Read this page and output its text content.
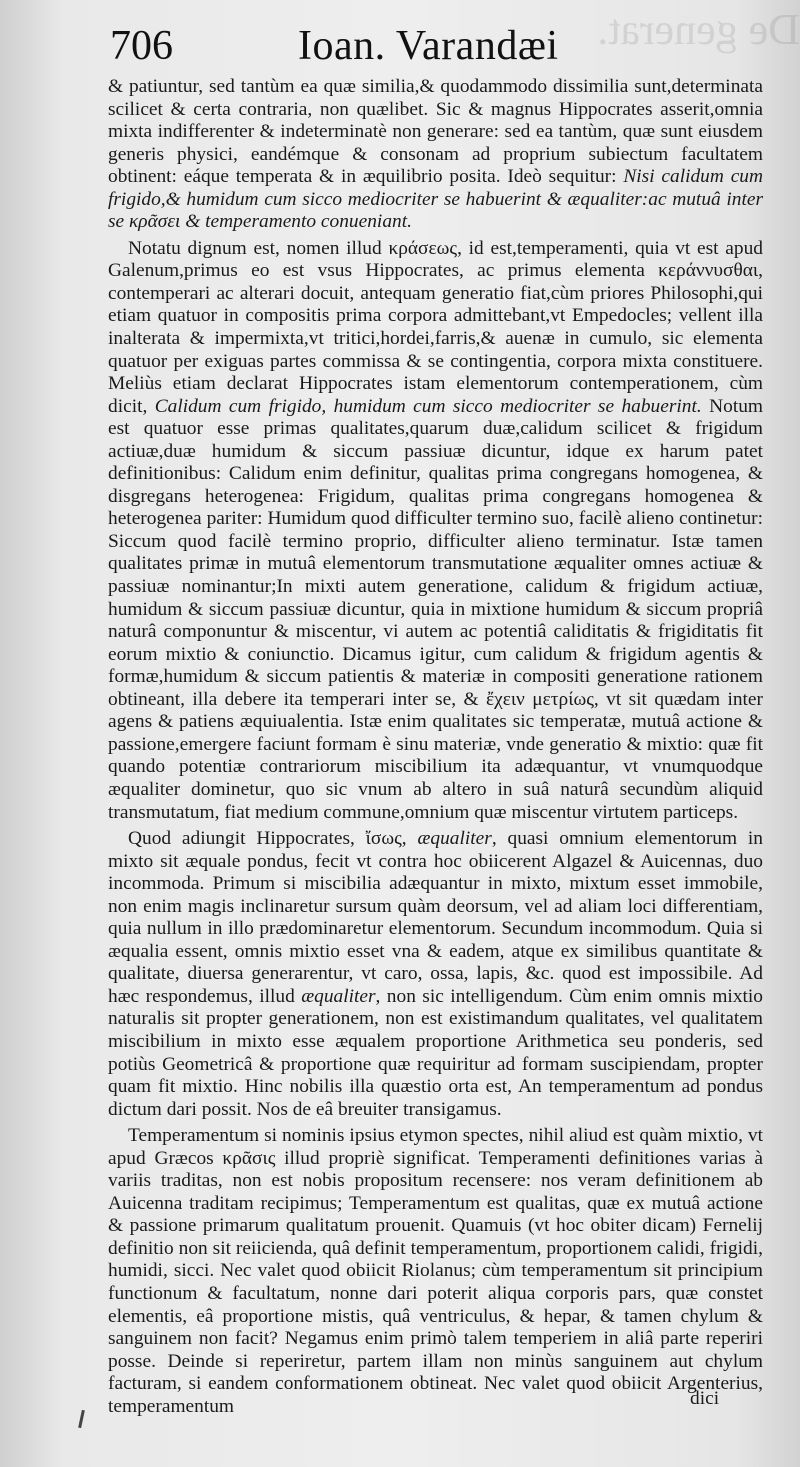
De generat.
706	Ioan. Varandæi

& patiuntur, sed tantùm ea quæ similia,& quodammodo dissimilia sunt,determinata scilicet & certa contraria, non quælibet. Sic & magnus Hippocrates asserit,omnia mixta indifferenter & indeterminatè non generare: sed ea tantùm, quæ sunt eiusdem generis physici, eandémque & consonam ad proprium subiectum facultatem obtinent: eáque temperata & in æquilibrio posita. Ideò sequitur: Nisi calidum cum frigido,& humidum cum sicco mediocriter se habuerint & æqualiter:ac mutuâ inter se κρᾶσει & temperamento conueniant.

Notatu dignum est, nomen illud κράσεως, id est,temperamenti, quia vt est apud Galenum,primus eo est vsus Hippocrates, ac primus elementa κεράννυσθαι, contemperari ac alterari docuit, antequam generatio fiat,cùm priores Philosophi,qui etiam quatuor in compositis prima corpora admittebant,vt Empedocles; vellent illa inalterata & impermixta,vt tritici,hordei,farris,& auenæ in cumulo, sic elementa quatuor per exiguas partes commissa & se contingentia, corpora mixta constituere. Meliùs etiam declarat Hippocrates istam elementorum contemperationem, cùm dicit, Calidum cum frigido, humidum cum sicco mediocriter se habuerint. Notum est quatuor esse primas qualitates,quarum duæ,calidum scilicet & frigidum actiuæ,duæ humidum & siccum passiuæ dicuntur, idque ex harum patet definitionibus: Calidum enim definitur, qualitas prima congregans homogenea, & disgregans heterogenea: Frigidum, qualitas prima congregans homogenea & heterogenea pariter: Humidum quod difficulter termino suo, facilè alieno continetur: Siccum quod facilè termino proprio, difficulter alieno terminatur. Istæ tamen qualitates primæ in mutuâ elementorum transmutatione æqualiter omnes actiuæ & passiuæ nominantur;In mixti autem generatione, calidum & frigidum actiuæ, humidum & siccum passiuæ dicuntur, quia in mixtione humidum & siccum propriâ naturâ componuntur & miscentur, vi autem ac potentiâ caliditatis & frigiditatis fit eorum mixtio & coniunctio. Dicamus igitur, cum calidum & frigidum agentis & formæ,humidum & siccum patientis & materiæ in compositi generatione rationem obtineant, illa debere ita temperari inter se, & ἔχειν μετρίως, vt sit quædam inter agens & patiens æquiualentia. Istæ enim qualitates sic temperatæ, mutuâ actione & passione,emergere faciunt formam è sinu materiæ, vnde generatio & mixtio: quæ fit quando potentiæ contrariorum miscibilium ita adæquantur, vt vnumquodque æqualiter dominetur, quo sic vnum ab altero in suâ naturâ secundùm aliquid transmutatum, fiat medium commune,omnium quæ miscentur virtutem particeps.

Quod adiungit Hippocrates, ἴσως, æqualiter, quasi omnium elementorum in mixto sit æquale pondus, fecit vt contra hoc obiicerent Algazel & Auicennas, duo incommoda. Primum si miscibilia adæquantur in mixto, mixtum esset immobile, non enim magis inclinaretur sursum quàm deorsum, vel ad aliam loci differentiam, quia nullum in illo prædominaretur elementorum. Secundum incommodum. Quia si æqualia essent, omnis mixtio esset vna & eadem, atque ex similibus quantitate & qualitate, diuersa generarentur, vt caro, ossa, lapis, &c. quod est impossibile. Ad hæc respondemus, illud æqualiter, non sic intelligendum. Cùm enim omnis mixtio naturalis sit propter generationem, non est existimandum qualitates, vel qualitatem miscibilium in mixto esse æqualem proportione Arithmetica seu ponderis, sed potiùs Geometricâ & proportione quæ requiritur ad formam suscipiendam, propter quam fit mixtio. Hinc nobilis illa quæstio orta est, An temperamentum ad pondus dictum dari possit. Nos de eâ breuiter transigamus.

Temperamentum si nominis ipsius etymon spectes, nihil aliud est quàm mixtio, vt apud Græcos κρᾶσις illud propriè significat. Temperamenti definitiones varias à variis traditas, non est nobis propositum recensere: nos veram definitionem ab Auicenna traditam recipimus; Temperamentum est qualitas, quæ ex mutuâ actione & passione primarum qualitatum prouenit. Quamuis (vt hoc obiter dicam) Fernelij definitio non sit reiicienda, quâ definit temperamentum, proportionem calidi, frigidi, humidi, sicci. Nec valet quod obiicit Riolanus; cùm temperamentum sit principium functionum & facultatum, nonne dari poterit aliqua corporis pars, quæ constet elementis, eâ proportione mistis, quâ ventriculus, & hepar, & tamen chylum & sanguinem non facit? Negamus enim primò talem temperiem in aliâ parte reperiri posse. Deinde si reperiretur, partem illam non minùs sanguinem aut chylum facturam, si eandem conformationem obtineat. Nec valet quod obiicit Argenterius, temperamentum	dici
